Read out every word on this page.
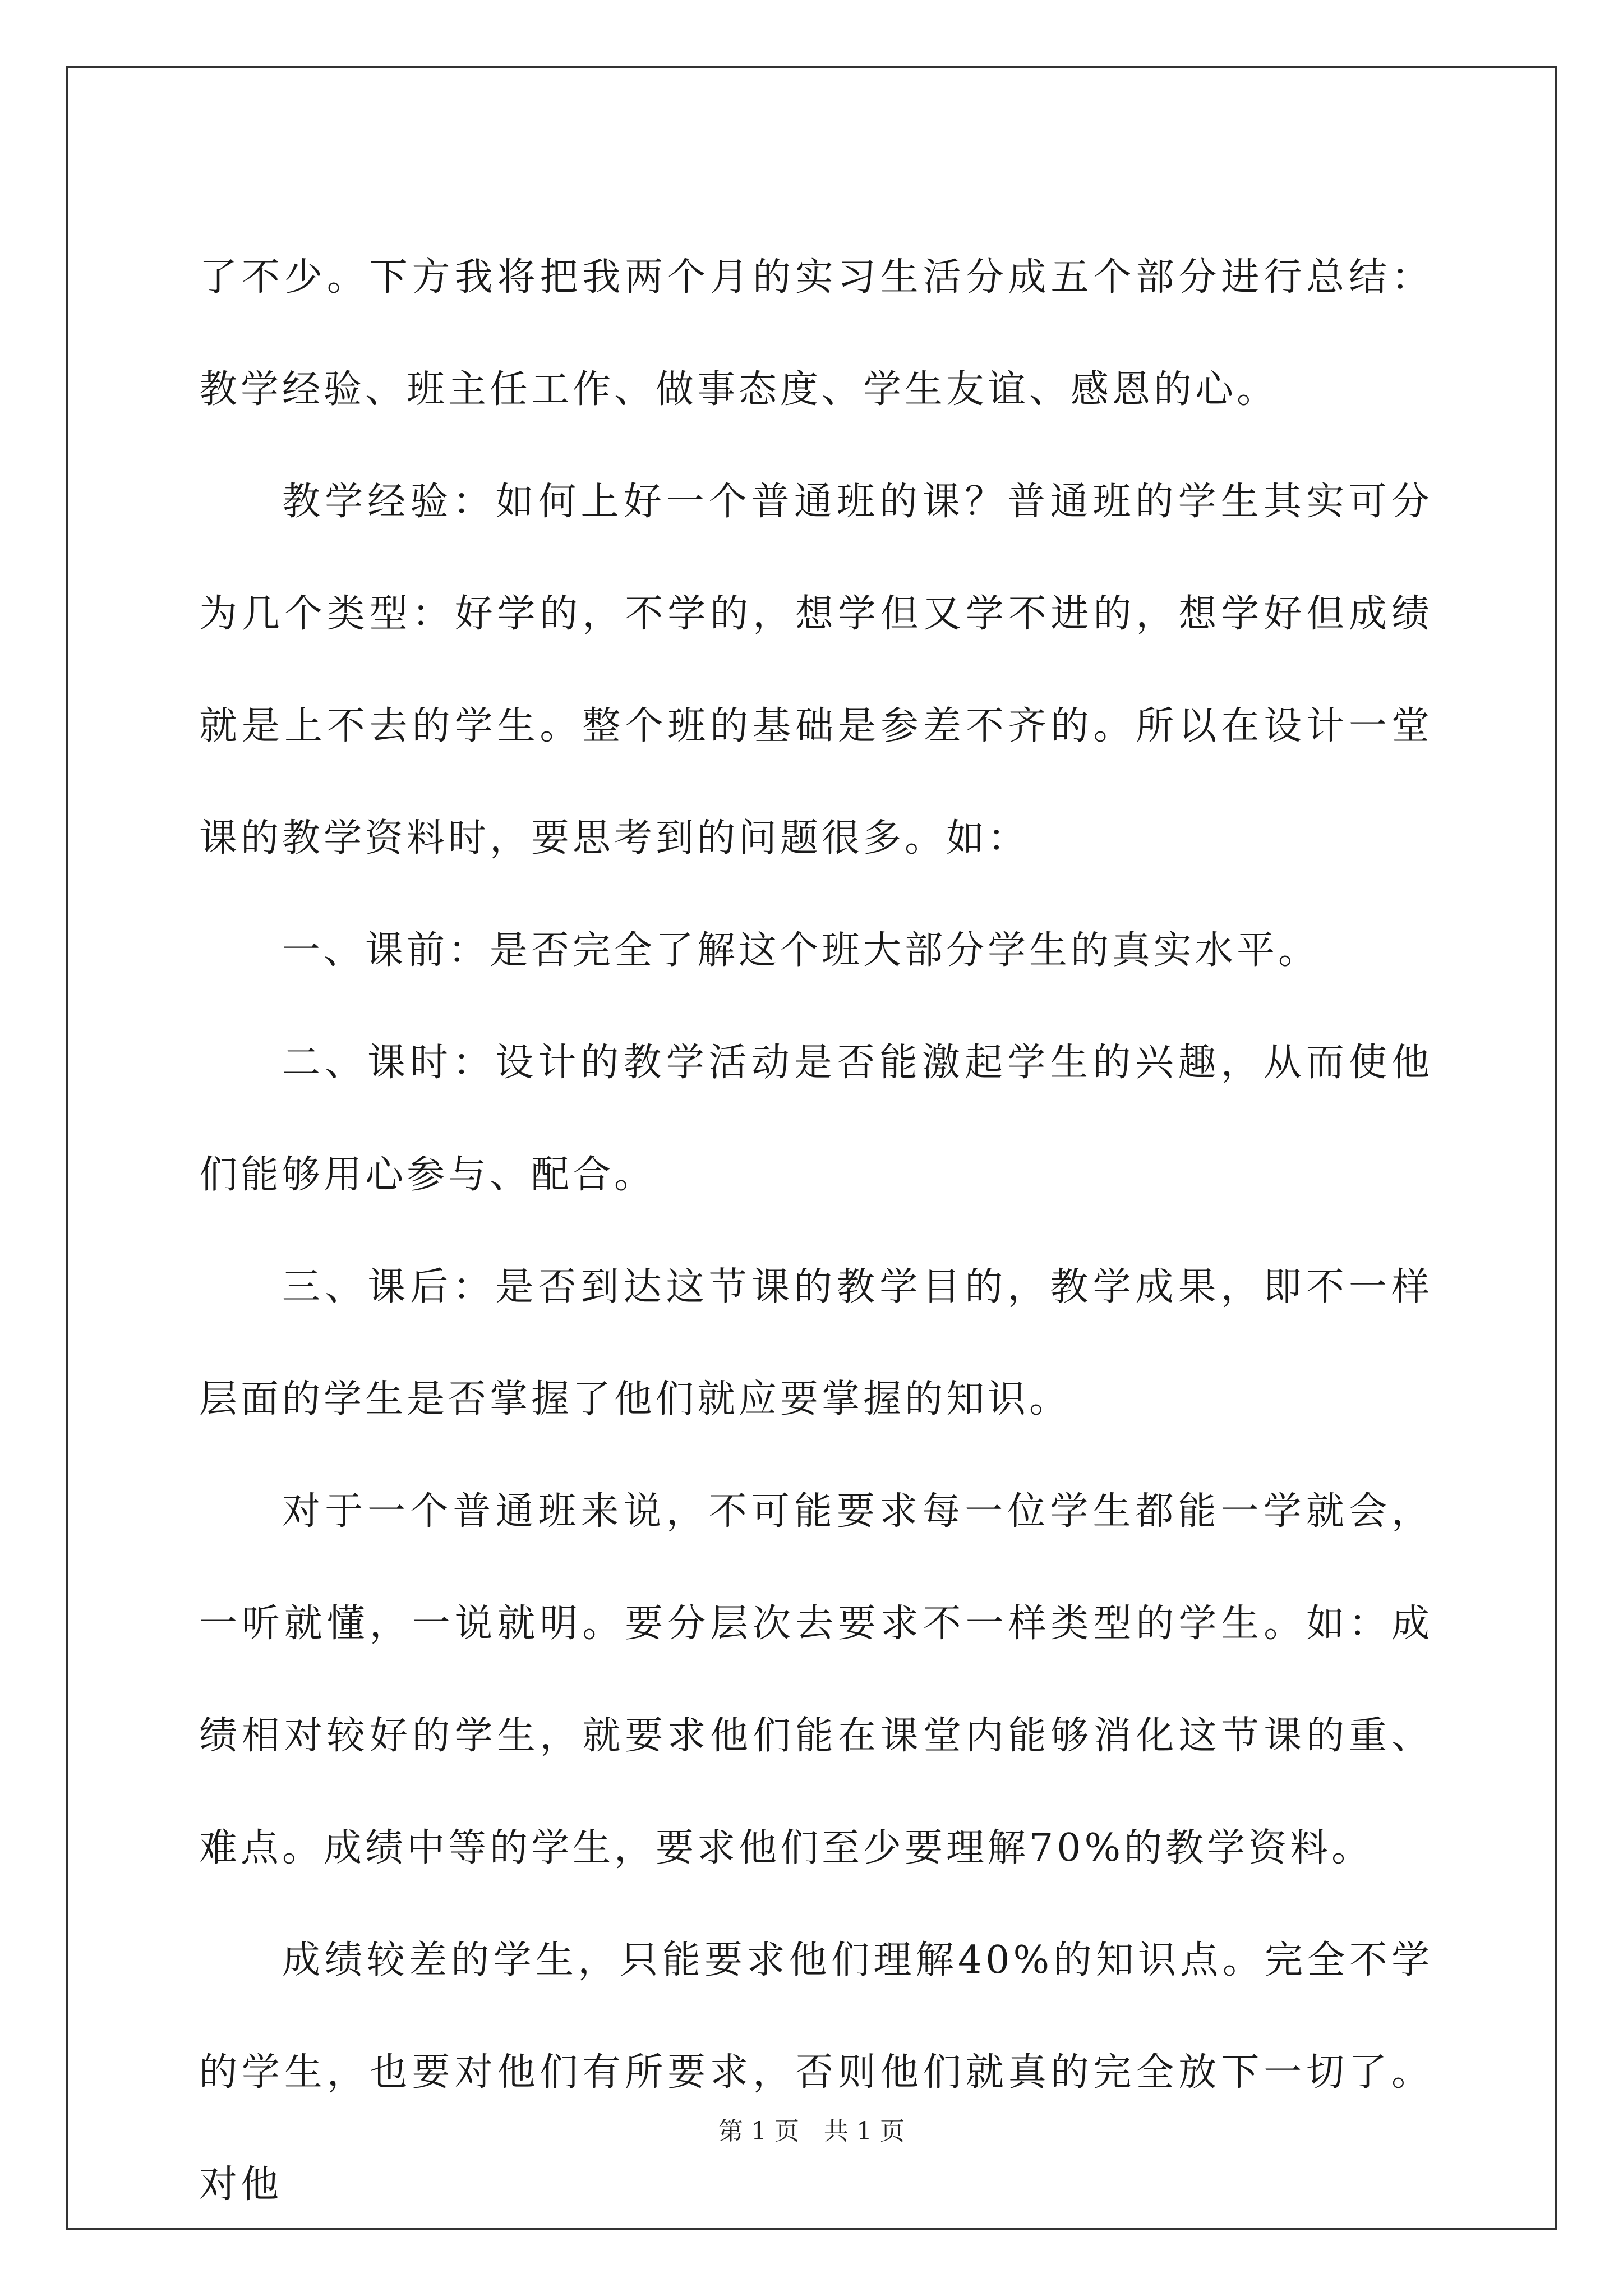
了不少。下方我将把我两个月的实习生活分成五个部分进行总结：教学经验、班主任工作、做事态度、学生友谊、感恩的心。

教学经验：如何上好一个普通班的课？普通班的学生其实可分为几个类型：好学的，不学的，想学但又学不进的，想学好但成绩就是上不去的学生。整个班的基础是参差不齐的。所以在设计一堂课的教学资料时，要思考到的问题很多。如：

一、课前：是否完全了解这个班大部分学生的真实水平。

二、课时：设计的教学活动是否能激起学生的兴趣，从而使他们能够用心参与、配合。

三、课后：是否到达这节课的教学目的，教学成果，即不一样层面的学生是否掌握了他们就应要掌握的知识。

对于一个普通班来说，不可能要求每一位学生都能一学就会，一听就懂，一说就明。要分层次去要求不一样类型的学生。如：成绩相对较好的学生，就要求他们能在课堂内能够消化这节课的重、难点。成绩中等的学生，要求他们至少要理解70%的教学资料。

成绩较差的学生，只能要求他们理解40%的知识点。完全不学的学生，也要对他们有所要求，否则他们就真的完全放下一切了。对他

第 1 页 共 1 页
